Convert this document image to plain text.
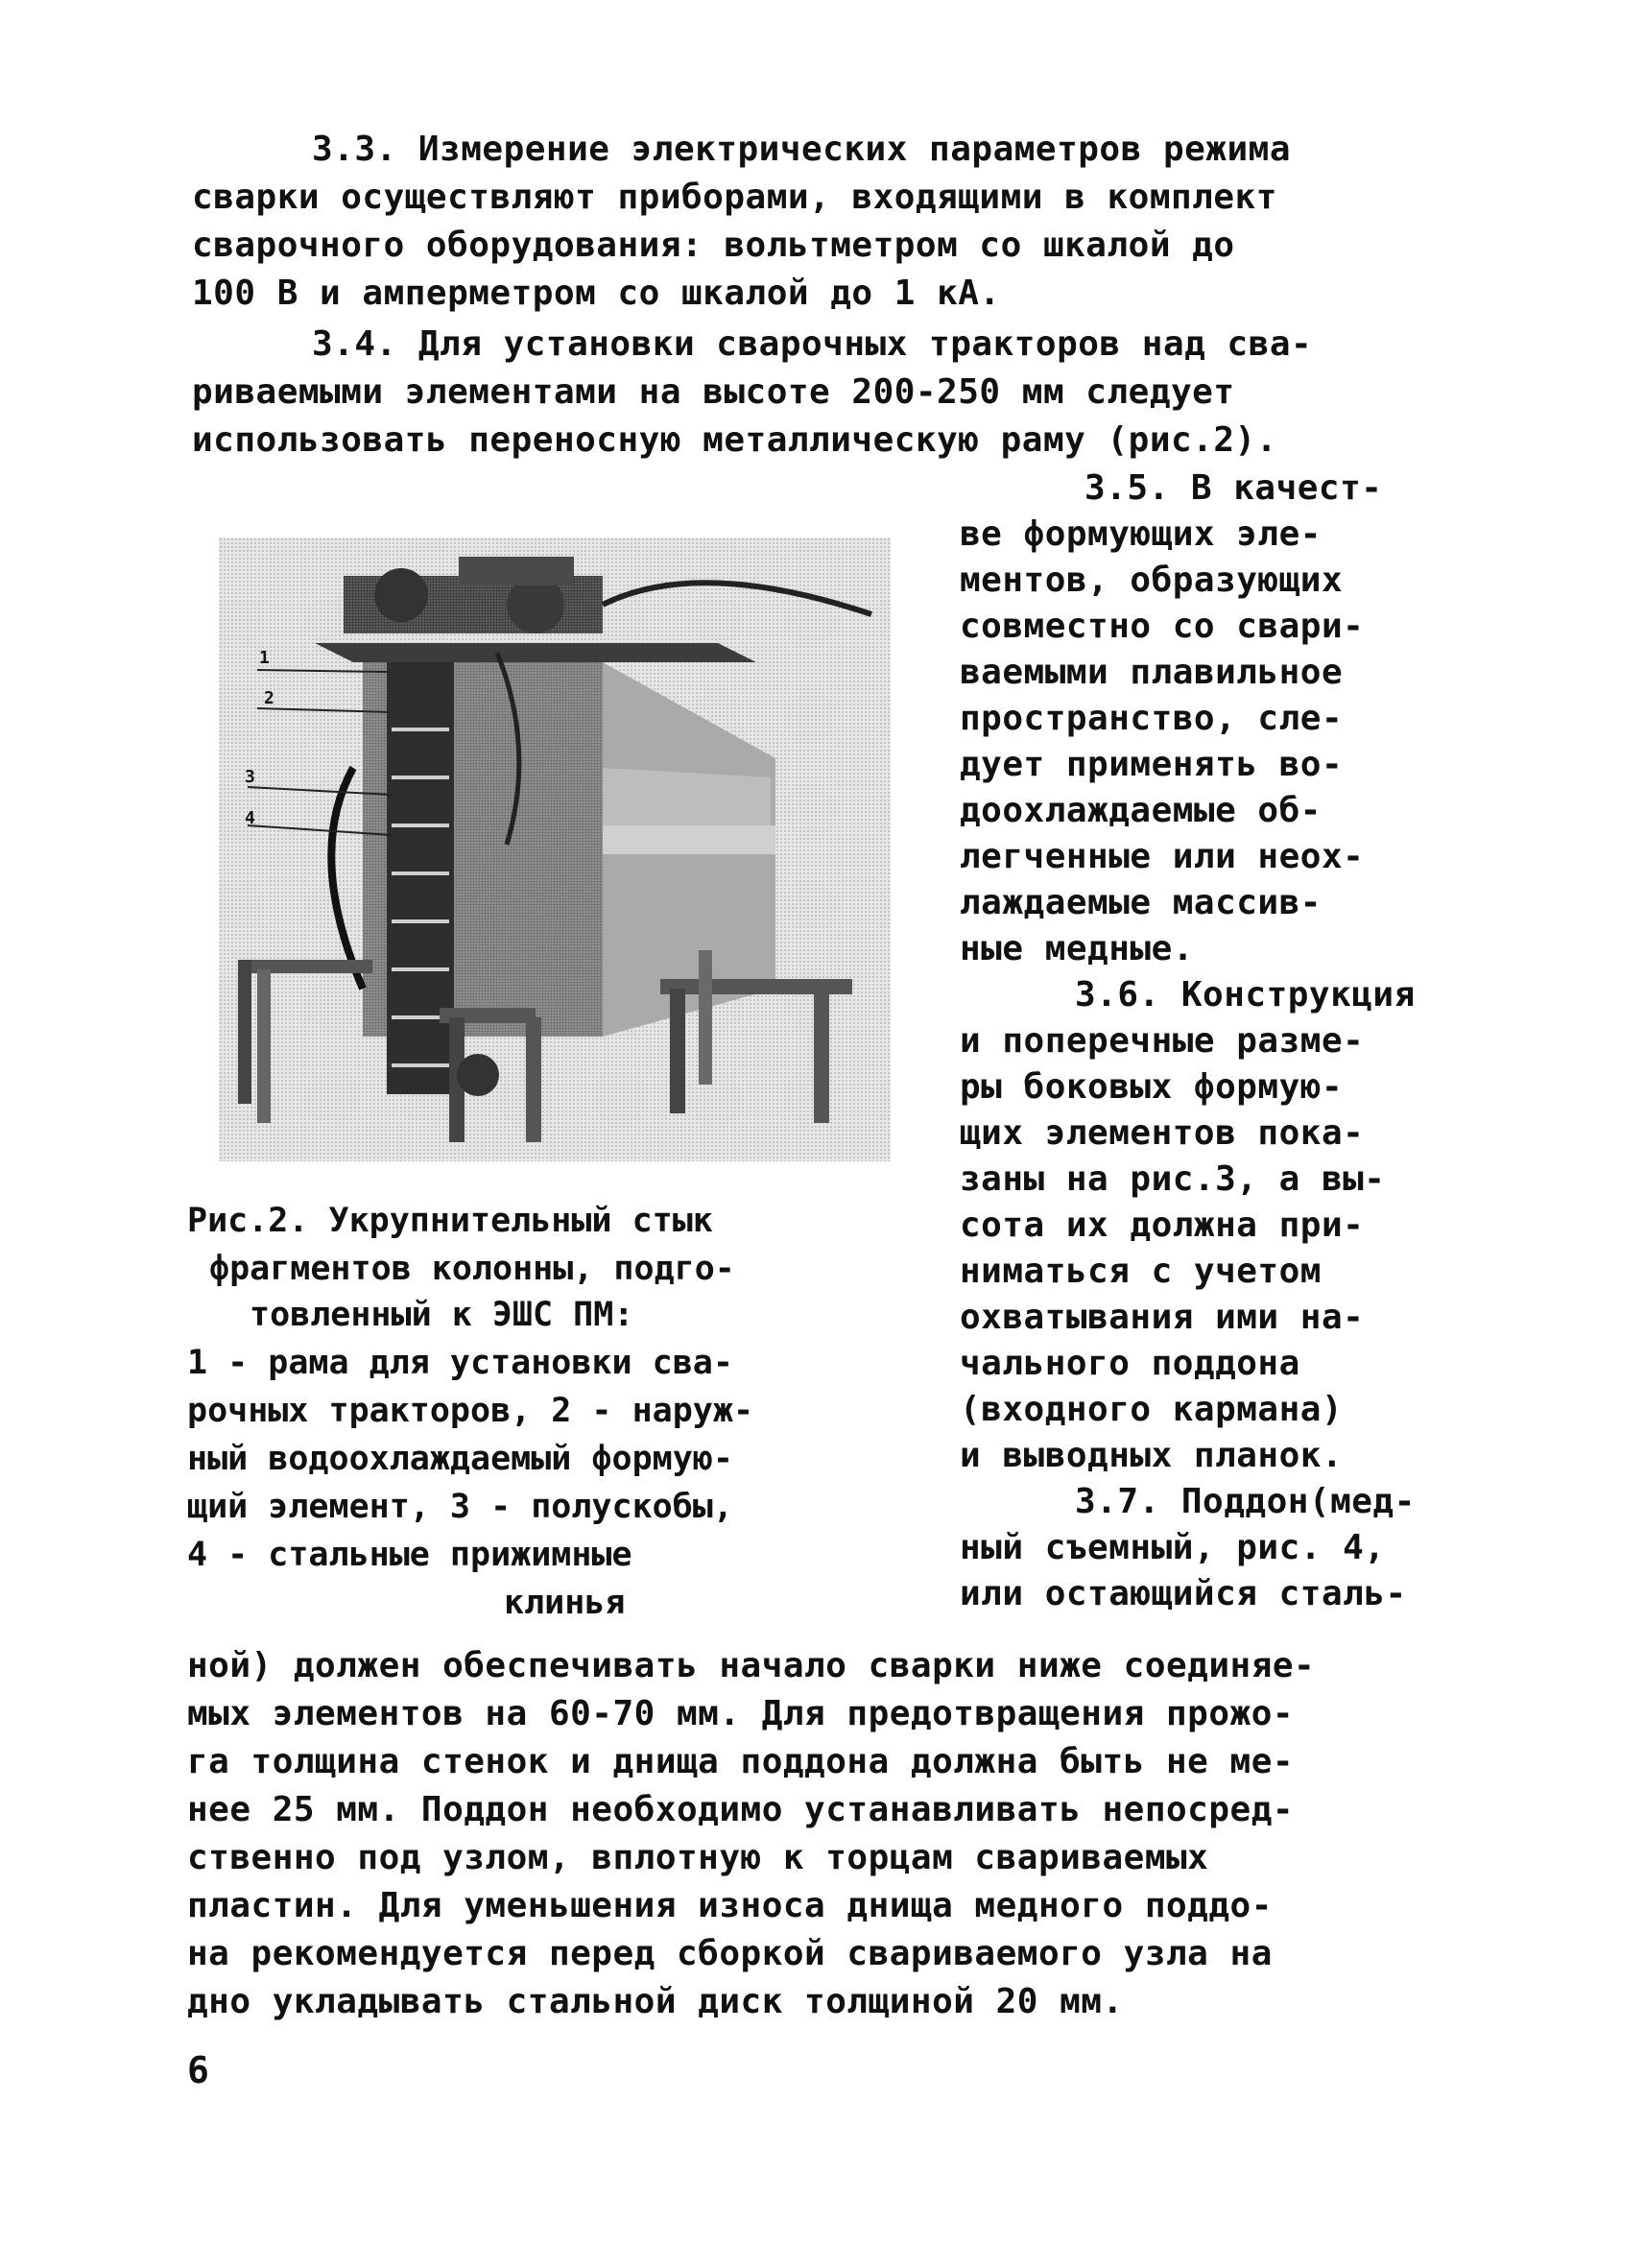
3.3. Измерение электрических параметров режима
сварки осуществляют приборами, входящими в комплект
сварочного оборудования: вольтметром со шкалой до
100 В и амперметром со шкалой до 1 кА.
3.4. Для установки сварочных тракторов над сва-
риваемыми элементами на высоте 200-250 мм следует
использовать переносную металлическую раму (рис.2).
3.5. В качест-
ве формующих эле-
ментов, образующих
совместно со свари-
ваемыми плавильное
пространство, сле-
дует применять во-
доохлаждаемые об-
легченные или неох-
лаждаемые массив-
ные медные.
3.6. Конструкция
и поперечные разме-
ры боковых формую-
щих элементов пока-
заны на рис.3, а вы-
сота их должна при-
ниматься с учетом
охватывания ими на-
чального поддона
(входного кармана)
и выводных планок.
3.7. Поддон(мед-
ный съемный, рис. 4,
или остающийся сталь-
1
2
3
4
Рис.2. Укрупнительный стык
фрагментов колонны, подго-
товленный к ЭШС ПМ:
1 - рама для установки сва-
рочных тракторов, 2 - наруж-
ный водоохлаждаемый формую-
щий элемент, 3 - полускобы,
4 - стальные прижимные
клинья
ной) должен обеспечивать начало сварки ниже соединяе-
мых элементов на 60-70 мм. Для предотвращения прожо-
га толщина стенок и днища поддона должна быть не ме-
нее 25 мм. Поддон необходимо устанавливать непосред-
ственно под узлом, вплотную к торцам свариваемых
пластин. Для уменьшения износа днища медного поддо-
на рекомендуется перед сборкой свариваемого узла на
дно укладывать стальной диск толщиной 20 мм.
6
